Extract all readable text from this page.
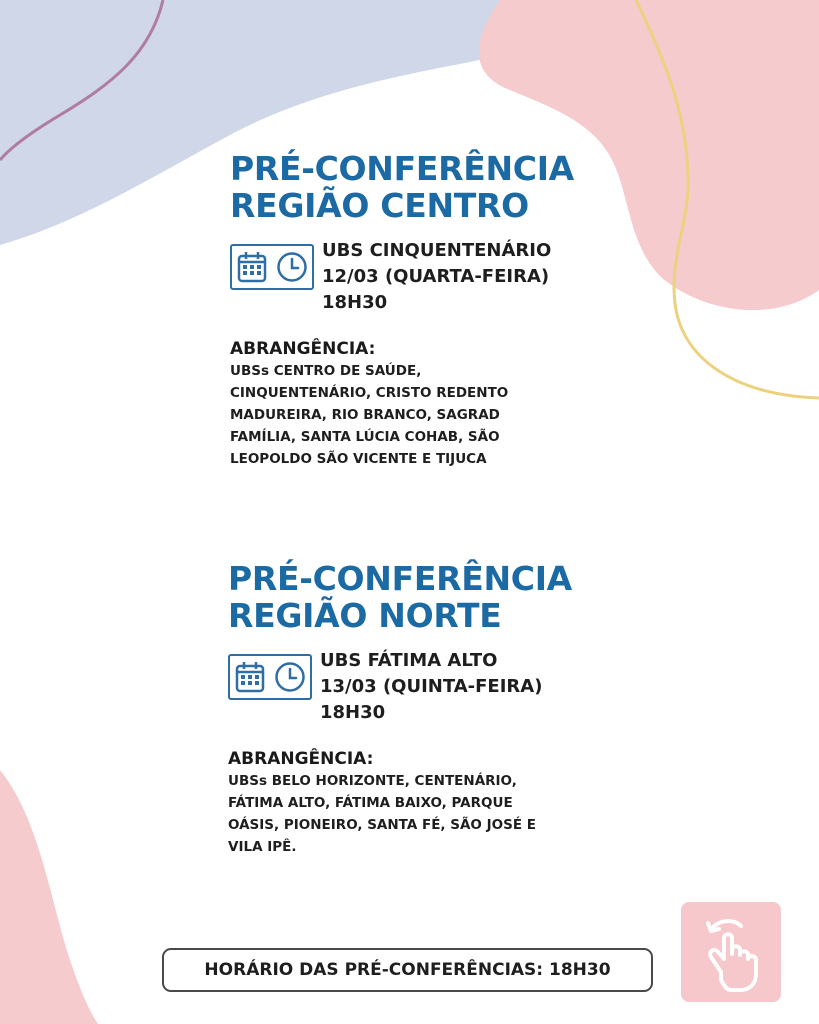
PRÉ-CONFERÊNCIA
REGIÃO CENTRO
UBS CINQUENTENÁRIO
12/03 (QUARTA-FEIRA)
18H30
ABRANGÊNCIA:
UBSs CENTRO DE SAÚDE,
CINQUENTENÁRIO, CRISTO REDENTO
MADUREIRA, RIO BRANCO, SAGRAD
FAMÍLIA, SANTA LÚCIA COHAB, SÃO
LEOPOLDO SÃO VICENTE E TIJUCA
PRÉ-CONFERÊNCIA
REGIÃO NORTE
UBS FÁTIMA ALTO
13/03 (QUINTA-FEIRA)
18H30
ABRANGÊNCIA:
UBSs BELO HORIZONTE, CENTENÁRIO,
FÁTIMA ALTO, FÁTIMA BAIXO, PARQUE
OÁSIS, PIONEIRO, SANTA FÉ, SÃO JOSÉ E
VILA IPÊ.
HORÁRIO DAS PRÉ-CONFERÊNCIAS: 18H30
